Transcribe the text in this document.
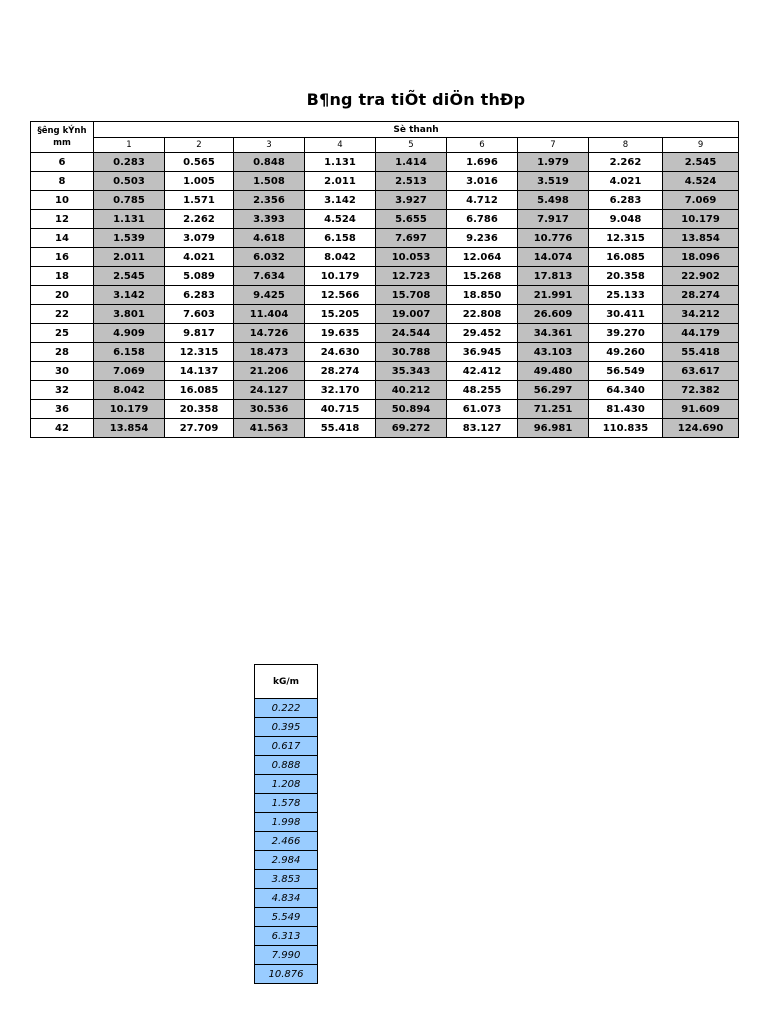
B¶ng tra tiÕt diÖn thÐp
§êng kÝnh
mm	Sè thanh								
	1	2	3	4	5	6	7	8	9
6	0.283	0.565	0.848	1.131	1.414	1.696	1.979	2.262	2.545
8	0.503	1.005	1.508	2.011	2.513	3.016	3.519	4.021	4.524
10	0.785	1.571	2.356	3.142	3.927	4.712	5.498	6.283	7.069
12	1.131	2.262	3.393	4.524	5.655	6.786	7.917	9.048	10.179
14	1.539	3.079	4.618	6.158	7.697	9.236	10.776	12.315	13.854
16	2.011	4.021	6.032	8.042	10.053	12.064	14.074	16.085	18.096
18	2.545	5.089	7.634	10.179	12.723	15.268	17.813	20.358	22.902
20	3.142	6.283	9.425	12.566	15.708	18.850	21.991	25.133	28.274
22	3.801	7.603	11.404	15.205	19.007	22.808	26.609	30.411	34.212
25	4.909	9.817	14.726	19.635	24.544	29.452	34.361	39.270	44.179
28	6.158	12.315	18.473	24.630	30.788	36.945	43.103	49.260	55.418
30	7.069	14.137	21.206	28.274	35.343	42.412	49.480	56.549	63.617
32	8.042	16.085	24.127	32.170	40.212	48.255	56.297	64.340	72.382
36	10.179	20.358	30.536	40.715	50.894	61.073	71.251	81.430	91.609
42	13.854	27.709	41.563	55.418	69.272	83.127	96.981	110.835	124.690
kG/m
0.222
0.395
0.617
0.888
1.208
1.578
1.998
2.466
2.984
3.853
4.834
5.549
6.313
7.990
10.876
